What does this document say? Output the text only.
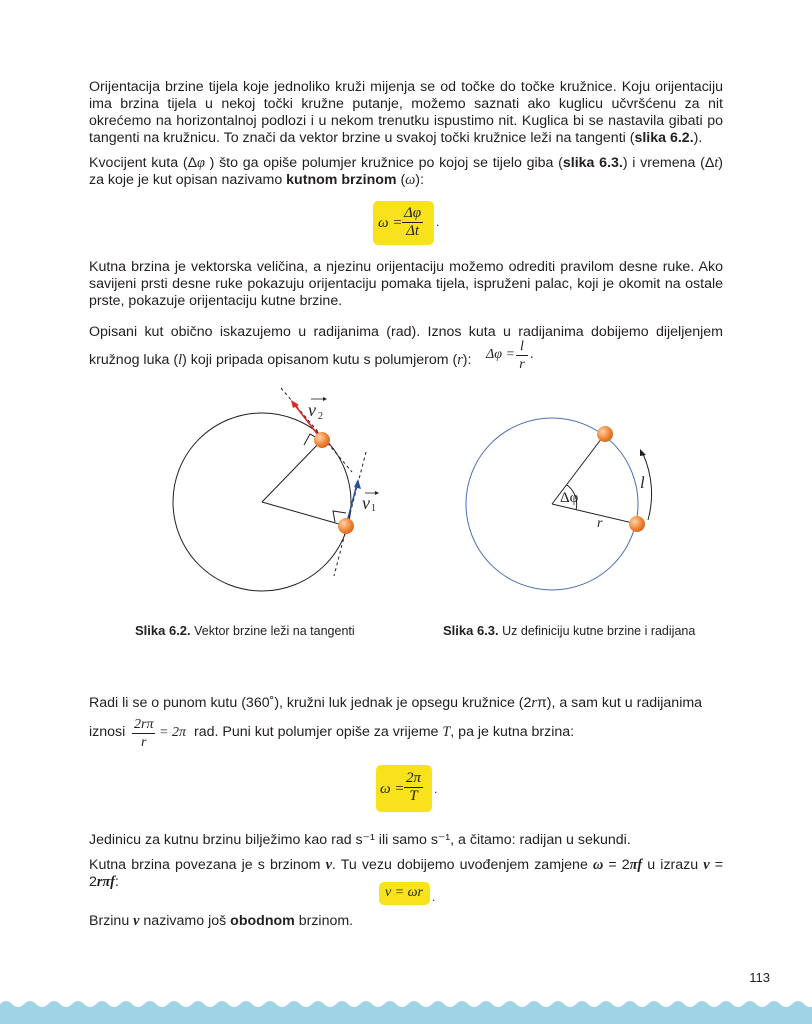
Orijentacija brzine tijela koje jednoliko kruži mijenja se od točke do točke kružnice. Koju orijentaciju ima brzina tijela u nekoj točki kružne putanje, možemo saznati ako kuglicu učvršćenu za nit okrećemo na horizontalnoj podlozi i u nekom trenutku ispustimo nit. Kuglica bi se nastavila gibati po tangenti na kružnicu. To znači da vektor brzine u svakoj točki kružnice leži na tangenti (slika 6.2.).

Kvocijent kuta (Δφ ) što ga opiše polumjer kružnice po kojoj se tijelo giba (slika 6.3.) i vremena (Δt) za koje je kut opisan nazivamo kutnom brzinom (ω):

$\omega = \frac{\Delta\varphi}{\Delta t}$ .

Kutna brzina je vektorska veličina, a njezinu orijentaciju možemo odrediti pravilom desne ruke. Ako savijeni prsti desne ruke pokazuju orijentaciju pomaka tijela, ispruženi palac, koji je okomit na ostale prste, pokazuje orijentaciju kutne brzine.

Opisani kut obično iskazujemo u radijanima (rad). Iznos kuta u radijanima dobijemo dijeljenjem kružnog luka (l) koji pripada opisanom kutu s polumjerom (r):	$\Delta\varphi = \frac{l}{r}$ .
v 2
v 1
Δφ
r
l
Slika 6.2. Vektor brzine leži na tangenti	Slika 6.3. Uz definiciju kutne brzine i radijana

Radi li se o punom kutu (360˚), kružni luk jednak je opsegu kružnice (2rπ), a sam kut u radijanima

iznosi $\frac{2r\pi}{r} = 2\pi$ rad. Puni kut polumjer opiše za vrijeme T, pa je kutna brzina:
$\omega = \frac{2\pi}{T}$ .

Jedinicu za kutnu brzinu bilježimo kao rad s⁻¹ ili samo s⁻¹, a čitamo: radijan u sekundi.

Kutna brzina povezana je s brzinom v. Tu vezu dobijemo uvođenjem zamjene ω = 2πf u izrazu v = 2rπf:

v = ωr .

Brzinu v nazivamo još obodnom brzinom.

113
